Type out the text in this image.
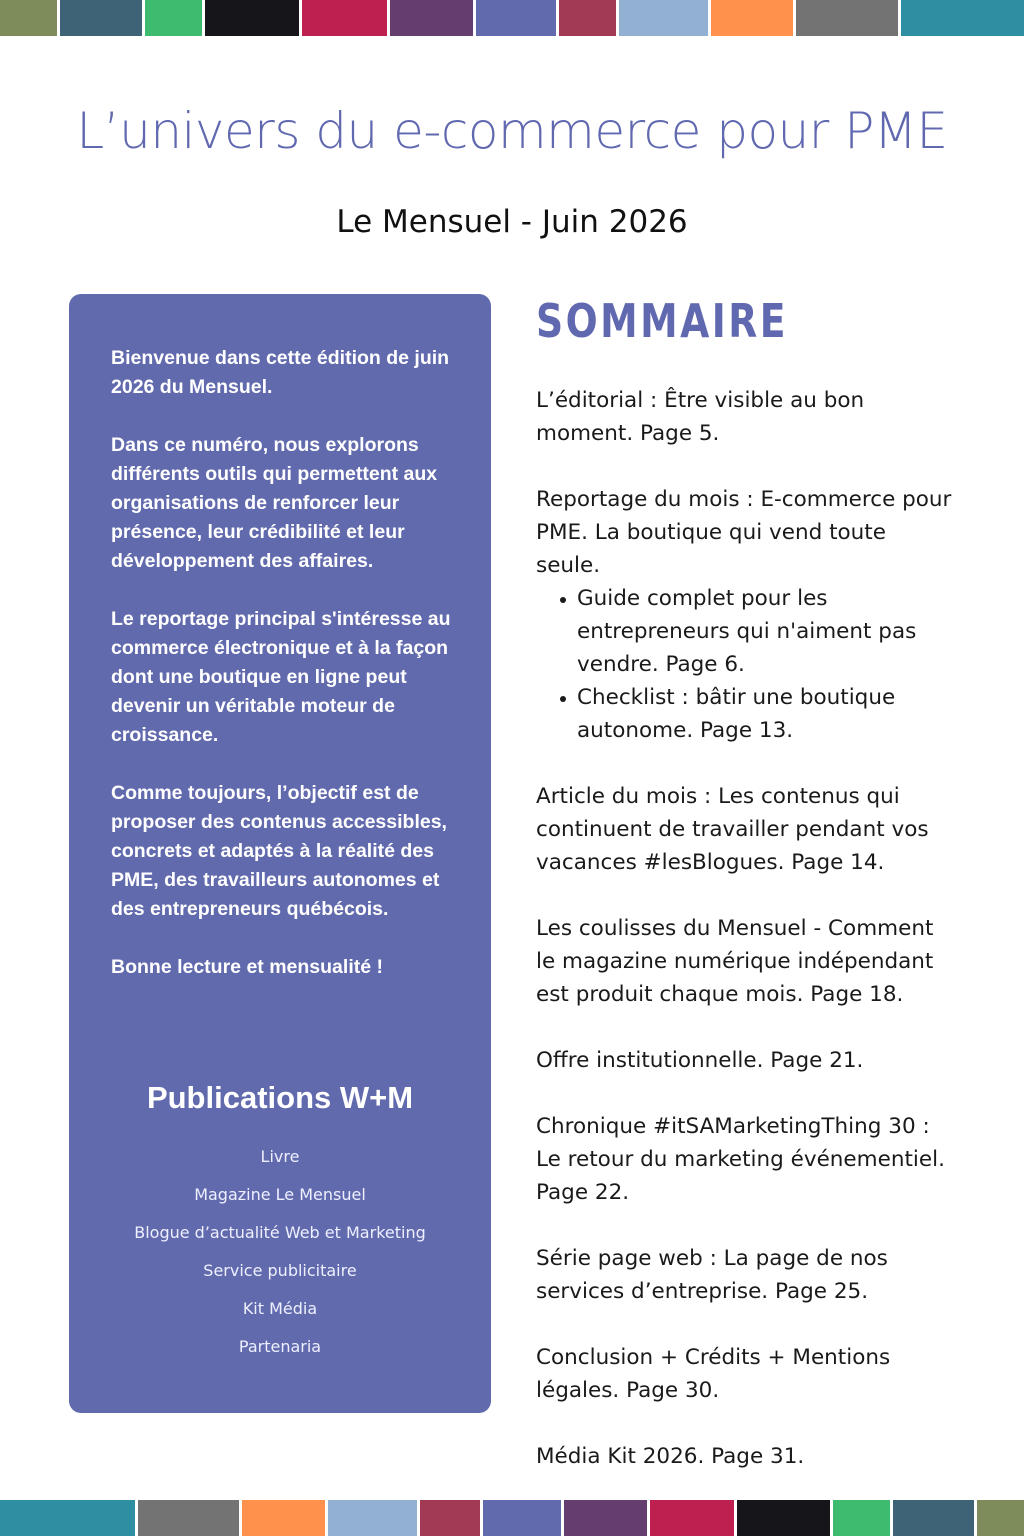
L’univers du e-commerce pour PME
Le Mensuel - Juin 2026

Bienvenue dans cette édition de juin 2026 du Mensuel.

Dans ce numéro, nous explorons différents outils qui permettent aux organisations de renforcer leur présence, leur crédibilité et leur développement des affaires.

Le reportage principal s'intéresse au commerce électronique et à la façon dont une boutique en ligne peut devenir un véritable moteur de croissance.

Comme toujours, l’objectif est de proposer des contenus accessibles, concrets et adaptés à la réalité des PME, des travailleurs autonomes et des entrepreneurs québécois.

Bonne lecture et mensualité !

Publications W+M
Livre
Magazine Le Mensuel
Blogue d’actualité Web et Marketing
Service publicitaire
Kit Média
Partenaria
SOMMAIRE
L’éditorial : Être visible au bon moment. Page 5.
Reportage du mois : E-commerce pour PME. La boutique qui vend toute seule.
Guide complet pour les entrepreneurs qui n'aiment pas vendre. Page 6.
Checklist : bâtir une boutique autonome. Page 13.
Article du mois : Les contenus qui continuent de travailler pendant vos vacances #lesBlogues. Page 14.
Les coulisses du Mensuel - Comment le magazine numérique indépendant est produit chaque mois. Page 18.
Offre institutionnelle. Page 21.
Chronique #itSAMarketingThing 30 : Le retour du marketing événementiel. Page 22.
Série page web : La page de nos services d’entreprise. Page 25.
Conclusion + Crédits + Mentions légales. Page 30.
Média Kit 2026. Page 31.
